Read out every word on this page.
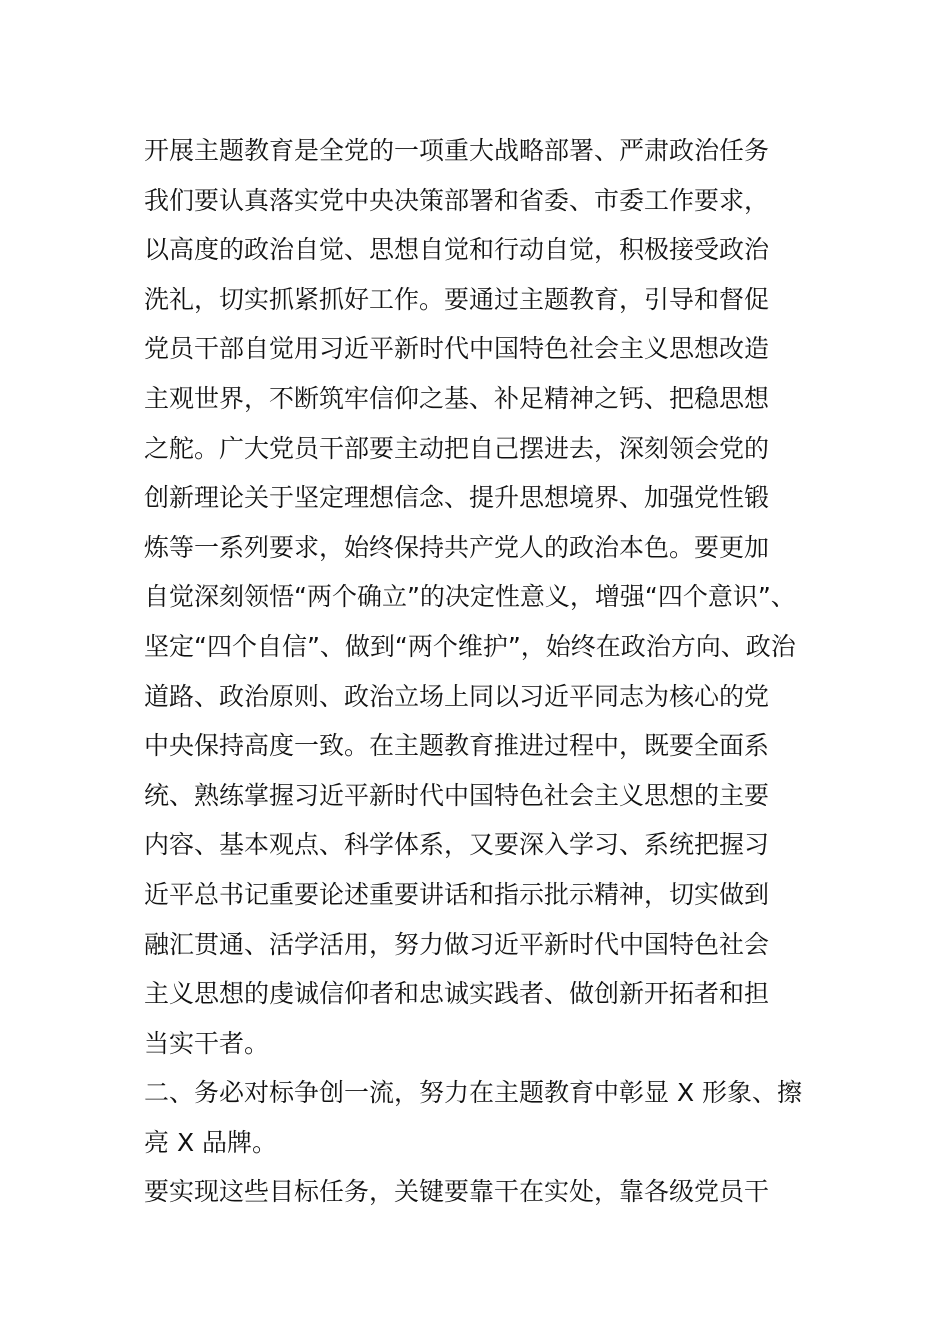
开展主题教育是全党的一项重大战略部署、严肃政治任务
我们要认真落实党中央决策部署和省委、市委工作要求，
以高度的政治自觉、思想自觉和行动自觉，积极接受政治
洗礼，切实抓紧抓好工作。要通过主题教育，引导和督促
党员干部自觉用习近平新时代中国特色社会主义思想改造
主观世界，不断筑牢信仰之基、补足精神之钙、把稳思想
之舵。广大党员干部要主动把自己摆进去，深刻领会党的
创新理论关于坚定理想信念、提升思想境界、加强党性锻
炼等一系列要求，始终保持共产党人的政治本色。要更加
自觉深刻领悟“两个确立”的决定性意义，增强“四个意识”、
坚定“四个自信”、做到“两个维护”，始终在政治方向、政治
道路、政治原则、政治立场上同以习近平同志为核心的党
中央保持高度一致。在主题教育推进过程中，既要全面系
统、熟练掌握习近平新时代中国特色社会主义思想的主要
内容、基本观点、科学体系，又要深入学习、系统把握习
近平总书记重要论述重要讲话和指示批示精神，切实做到
融汇贯通、活学活用，努力做习近平新时代中国特色社会
主义思想的虔诚信仰者和忠诚实践者、做创新开拓者和担
当实干者。
二、务必对标争创一流，努力在主题教育中彰显 X 形象、擦
亮 X 品牌。
要实现这些目标任务，关键要靠干在实处，靠各级党员干
